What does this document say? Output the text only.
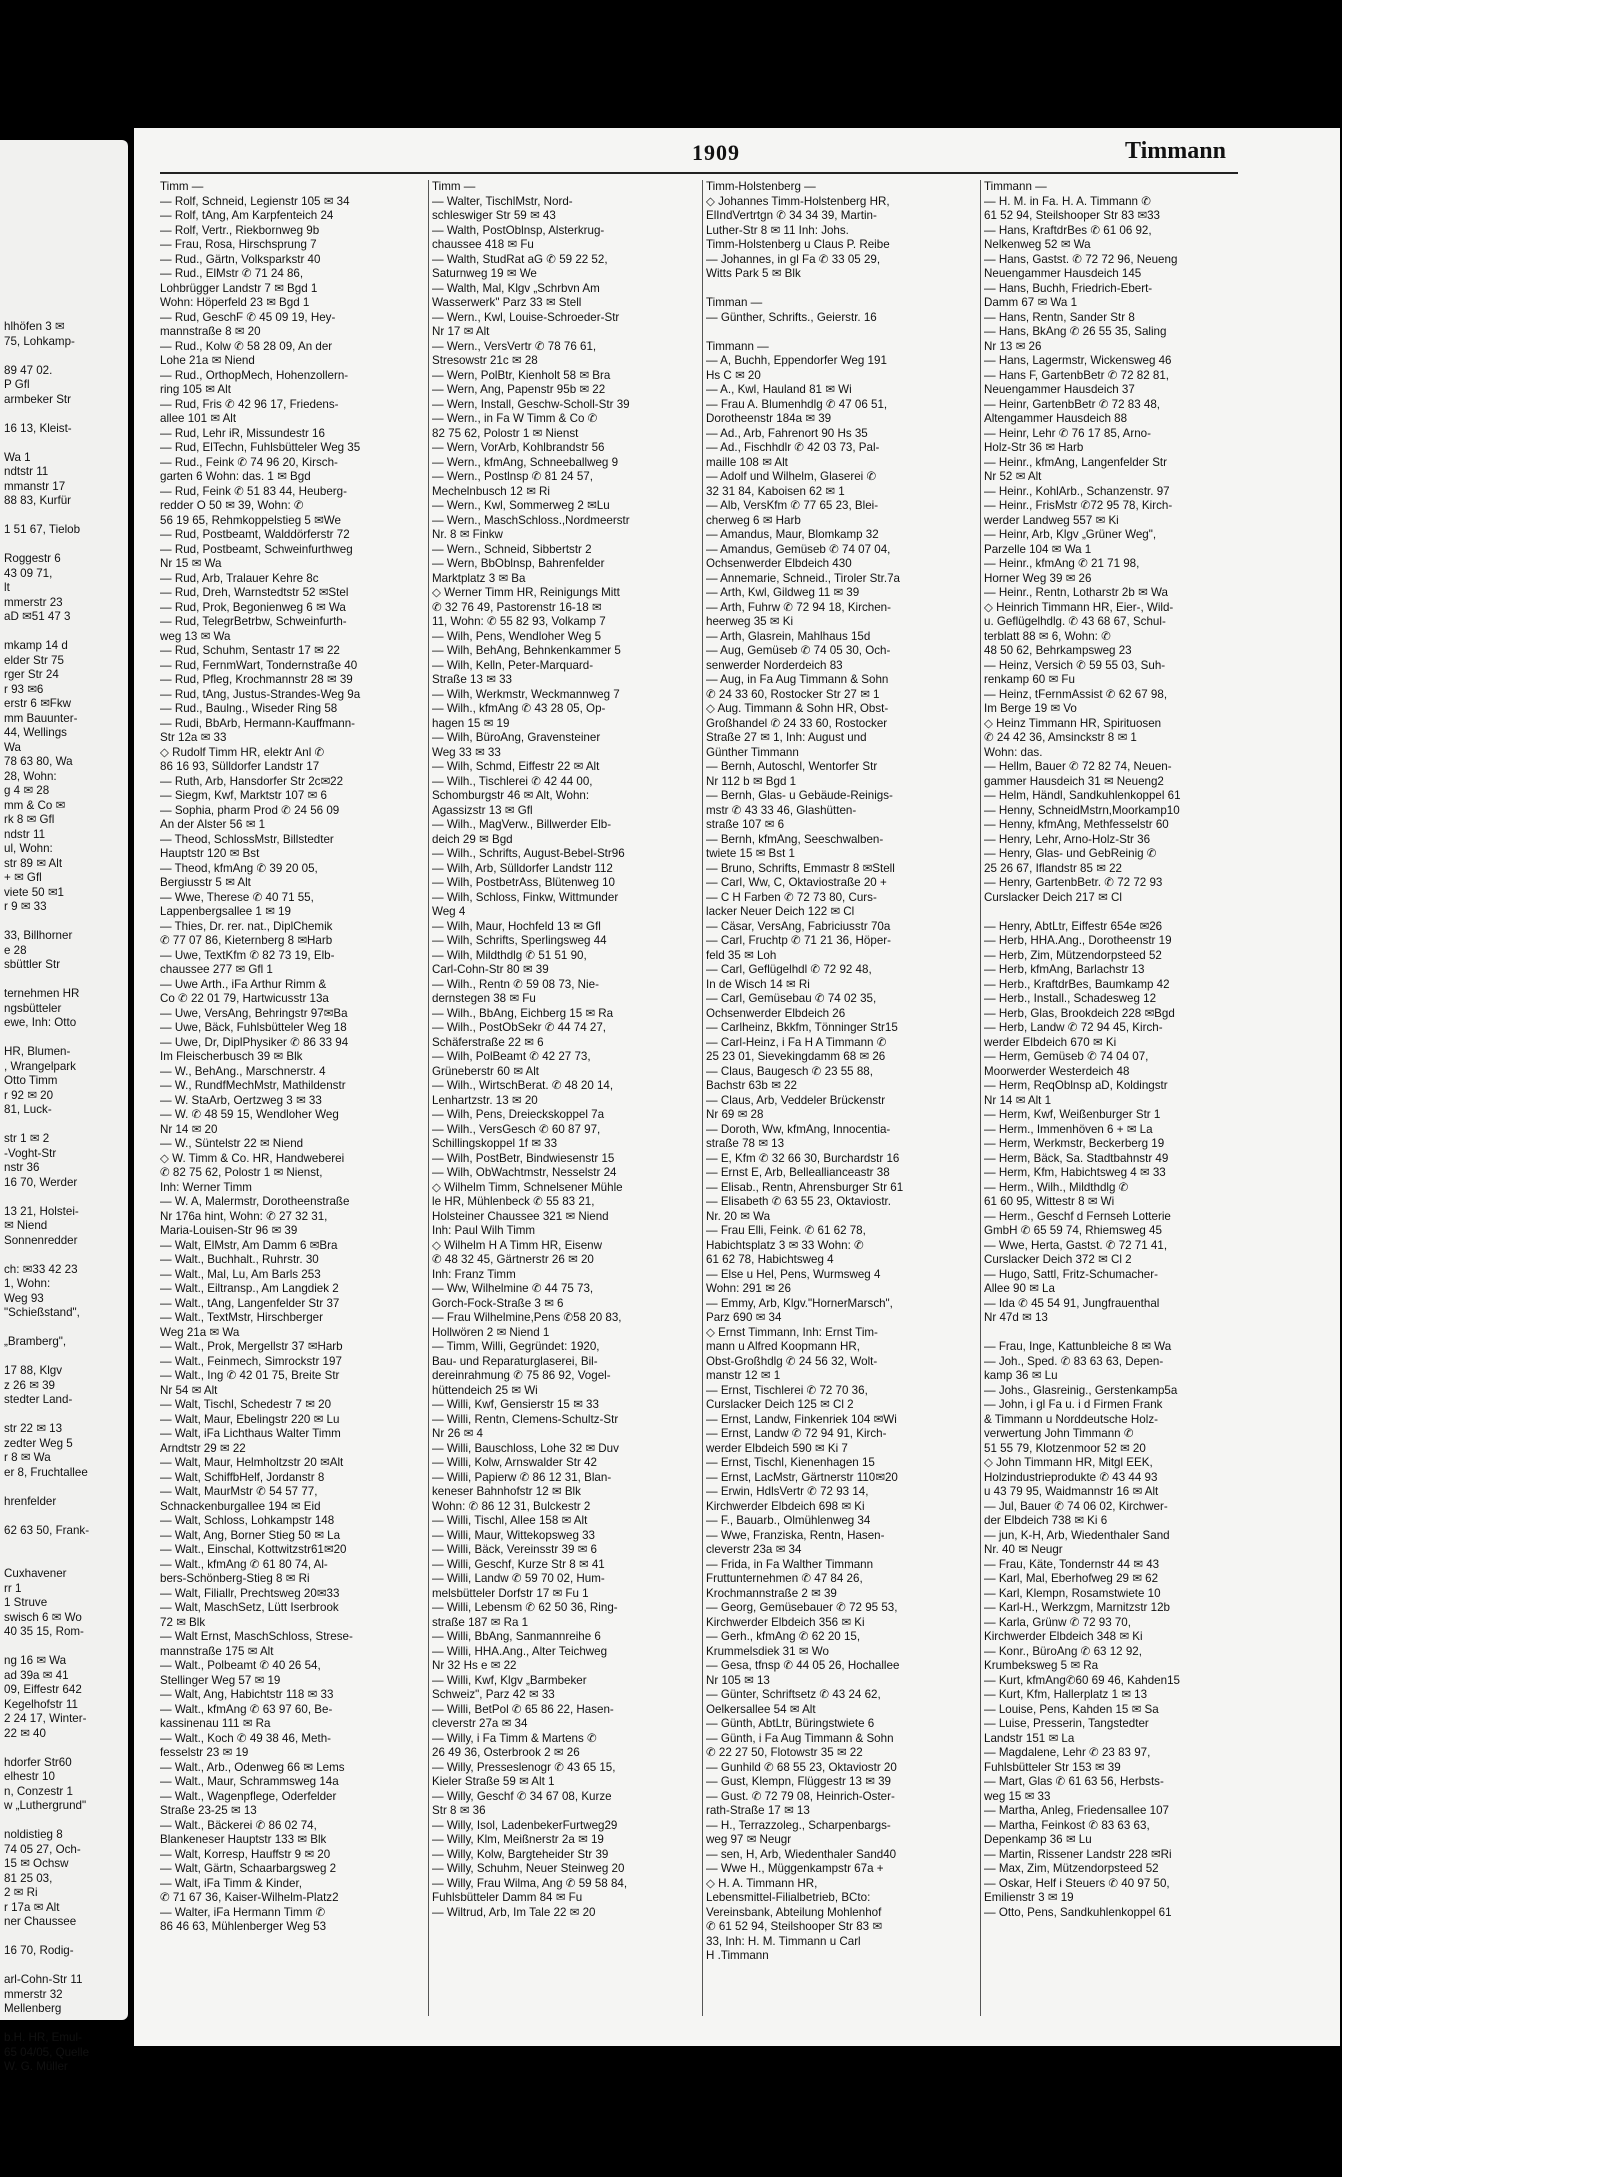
hlhöfen 3 ✉
75, Lohkamp-

89 47 02.
P Gfl
armbeker Str

16 13, Kleist-

Wa 1
ndtstr 11
mmanstr 17
88 83, Kurfür

1 51 67, Tielob

Roggestr 6
43 09 71,
lt
mmerstr 23
aD ✉51 47 3

mkamp 14 d
elder Str 75
rger Str 24
r 93 ✉6
erstr 6 ✉Fkw
mm Bauunter-
44, Wellings
Wa
78 63 80, Wa
28, Wohn:
g 4 ✉ 28
mm & Co ✉
rk 8 ✉ Gfl
ndstr 11
ul, Wohn:
str 89 ✉ Alt
+ ✉ Gfl
viete 50 ✉1
r 9 ✉ 33

33, Billhorner
e 28
sbüttler Str

ternehmen HR
ngsbütteler
ewe, Inh: Otto

HR, Blumen-
, Wrangelpark
Otto Timm
r 92 ✉ 20
81, Luck-

str 1 ✉ 2
-Voght-Str
nstr 36
16 70, Werder

13 21, Holstei-
✉ Niend
Sonnenredder

ch: ✉33 42 23
1, Wohn:
Weg 93
"Schießstand",

„Bramberg",

17 88, Klgv
z 26 ✉ 39
stedter Land-

str 22 ✉ 13
zedter Weg 5
r 8 ✉ Wa
er 8, Fruchtallee

hrenfelder

62 63 50, Frank-

Cuxhavener
rr 1
1 Struve
swisch 6 ✉ Wo
40 35 15, Rom-

ng 16 ✉ Wa
ad 39a ✉ 41
09, Eiffestr 642
Kegelhofstr 11
2 24 17, Winter-
22 ✉ 40

hdorfer Str60
elhestr 10
n, Conzestr 1
w „Luthergrund"

noldistieg 8
74 05 27, Och-
15 ✉ Ochsw
81 25 03,
2 ✉ Ri
r 17a ✉ Alt
ner Chaussee

16 70, Rodig-

arl-Cohn-Str 11
mmerstr 32
Mellenberg

b.H. HR, Emul-
65 04/05, Quelle
W. G. Müller
1909	Timmann
Timm —
— Rolf, Schneid, Legienstr 105 ✉ 34
— Rolf, tAng, Am Karpfenteich 24
— Rolf, Vertr., Riekbornweg 9b
— Frau, Rosa, Hirschsprung 7
— Rud., Gärtn, Volksparkstr 40
— Rud., ElMstr ✆ 71 24 86,
Lohbrügger Landstr 7 ✉ Bgd 1
Wohn: Höperfeld 23 ✉ Bgd 1
— Rud, GeschF ✆ 45 09 19, Hey-
mannstraße 8 ✉ 20
— Rud., Kolw ✆ 58 28 09, An der
Lohe 21a ✉ Niend
— Rud., OrthopMech, Hohenzollern-
ring 105 ✉ Alt
— Rud, Fris ✆ 42 96 17, Friedens-
allee 101 ✉ Alt
— Rud, Lehr iR, Missundestr 16
— Rud, ElTechn, Fuhlsbütteler Weg 35
— Rud., Feink ✆ 74 96 20, Kirsch-
garten 6 Wohn: das. 1 ✉ Bgd
— Rud, Feink ✆ 51 83 44, Heuberg-
redder O 50 ✉ 39, Wohn: ✆
56 19 65, Rehmkoppelstieg 5 ✉We
— Rud, Postbeamt, Walddörferstr 72
— Rud, Postbeamt, Schweinfurthweg
Nr 15 ✉ Wa
— Rud, Arb, Tralauer Kehre 8c
— Rud, Dreh, Warnstedtstr 52 ✉Stel
— Rud, Prok, Begonienweg 6 ✉ Wa
— Rud, TelegrBetrbw, Schweinfurth-
weg 13 ✉ Wa
— Rud, Schuhm, Sentastr 17 ✉ 22
— Rud, FernmWart, Tondernstraße 40
— Rud, Pfleg, Krochmannstr 28 ✉ 39
— Rud, tAng, Justus-Strandes-Weg 9a
— Rud., Baulng., Wiseder Ring 58
— Rudi, BbArb, Hermann-Kauffmann-
Str 12a ✉ 33
◇ Rudolf Timm HR, elektr Anl ✆
86 16 93, Sülldorfer Landstr 17
— Ruth, Arb, Hansdorfer Str 2c✉22
— Siegm, Kwf, Marktstr 107 ✉ 6
— Sophia, pharm Prod ✆ 24 56 09
An der Alster 56 ✉ 1
— Theod, SchlossMstr, Billstedter
Hauptstr 120 ✉ Bst
— Theod, kfmAng ✆ 39 20 05,
Bergiusstr 5 ✉ Alt
— Wwe, Therese ✆ 40 71 55,
Lappenbergsallee 1 ✉ 19
— Thies, Dr. rer. nat., DiplChemik
✆ 77 07 86, Kieternberg 8 ✉Harb
— Uwe, TextKfm ✆ 82 73 19, Elb-
chaussee 277 ✉ Gfl 1
— Uwe Arth., iFa Arthur Rimm &
Co ✆ 22 01 79, Hartwicusstr 13a
— Uwe, VersAng, Behringstr 97✉Ba
— Uwe, Bäck, Fuhlsbütteler Weg 18
— Uwe, Dr, DiplPhysiker ✆ 86 33 94
Im Fleischerbusch 39 ✉ Blk
— W., BehAng., Marschnerstr. 4
— W., RundfMechMstr, Mathildenstr
— W. StaArb, Oertzweg 3 ✉ 33
— W. ✆ 48 59 15, Wendloher Weg
Nr 14 ✉ 20
— W., Süntelstr 22 ✉ Niend
◇ W. Timm & Co. HR, Handweberei
✆ 82 75 62, Polostr 1 ✉ Nienst,
Inh: Werner Timm
— W. A, Malermstr, Dorotheenstraße
Nr 176a hint, Wohn: ✆ 27 32 31,
Maria-Louisen-Str 96 ✉ 39
— Walt, ElMstr, Am Damm 6 ✉Bra
— Walt., Buchhalt., Ruhrstr. 30
— Walt., Mal, Lu, Am Barls 253
— Walt., Eiltransp., Am Langdiek 2
— Walt., tAng, Langenfelder Str 37
— Walt., TextMstr, Hirschberger
Weg 21a ✉ Wa
— Walt., Prok, Mergellstr 37 ✉Harb
— Walt., Feinmech, Simrockstr 197
— Walt., Ing ✆ 42 01 75, Breite Str
Nr 54 ✉ Alt
— Walt, Tischl, Schedestr 7 ✉ 20
— Walt, Maur, Ebelingstr 220 ✉ Lu
— Walt, iFa Lichthaus Walter Timm
Arndtstr 29 ✉ 22
— Walt, Maur, Helmholtzstr 20 ✉Alt
— Walt, SchiffbHelf, Jordanstr 8
— Walt, MaurMstr ✆ 54 57 77,
Schnackenburgallee 194 ✉ Eid
— Walt, Schloss, Lohkampstr 148
— Walt, Ang, Borner Stieg 50 ✉ La
— Walt., Einschal, Kottwitzstr61✉20
— Walt., kfmAng ✆ 61 80 74, Al-
bers-Schönberg-Stieg 8 ✉ Ri
— Walt, Filiallr, Prechtsweg 20✉33
— Walt, MaschSetz, Lütt Iserbrook
72 ✉ Blk
— Walt Ernst, MaschSchloss, Strese-
mannstraße 175 ✉ Alt
— Walt., Polbeamt ✆ 40 26 54,
Stellinger Weg 57 ✉ 19
— Walt, Ang, Habichtstr 118 ✉ 33
— Walt., kfmAng ✆ 63 97 60, Be-
kassinenau 111 ✉ Ra
— Walt., Koch ✆ 49 38 46, Meth-
fesselstr 23 ✉ 19
— Walt., Arb., Odenweg 66 ✉ Lems
— Walt., Maur, Schrammsweg 14a
— Walt., Wagenpflege, Oderfelder
Straße 23-25 ✉ 13
— Walt., Bäckerei ✆ 86 02 74,
Blankeneser Hauptstr 133 ✉ Blk
— Walt, Korresp, Hauffstr 9 ✉ 20
— Walt, Gärtn, Schaarbargsweg 2
— Walt, iFa Timm & Kinder,
✆ 71 67 36, Kaiser-Wilhelm-Platz2
— Walter, iFa Hermann Timm ✆
86 46 63, Mühlenberger Weg 53
Timm —
— Walter, TischlMstr, Nord-
schleswiger Str 59 ✉ 43
— Walth, PostOblnsp, Alsterkrug-
chaussee 418 ✉ Fu
— Walth, StudRat aG ✆ 59 22 52,
Saturnweg 19 ✉ We
— Walth, Mal, Klgv „Schrbvn Am
Wasserwerk" Parz 33 ✉ Stell
— Wern., Kwl, Louise-Schroeder-Str
Nr 17 ✉ Alt
— Wern., VersVertr ✆ 78 76 61,
Stresowstr 21c ✉ 28
— Wern, PolBtr, Kienholt 58 ✉ Bra
— Wern, Ang, Papenstr 95b ✉ 22
— Wern, Install, Geschw-Scholl-Str 39
— Wern., in Fa W Timm & Co ✆
82 75 62, Polostr 1 ✉ Nienst
— Wern, VorArb, Kohlbrandstr 56
— Wern., kfmAng, Schneeballweg 9
— Wern., Postlnsp ✆ 81 24 57,
Mechelnbusch 12 ✉ Ri
— Wern., Kwl, Sommerweg 2 ✉Lu
— Wern., MaschSchloss.,Nordmeerstr
Nr. 8 ✉ Finkw
— Wern., Schneid, Sibbertstr 2
— Wern, BbOblnsp, Bahrenfelder
Marktplatz 3 ✉ Ba
◇ Werner Timm HR, Reinigungs Mitt
✆ 32 76 49, Pastorenstr 16-18 ✉
11, Wohn: ✆ 55 82 93, Volkamp 7
— Wilh, Pens, Wendloher Weg 5
— Wilh, BehAng, Behnkenkammer 5
— Wilh, Kelln, Peter-Marquard-
Straße 13 ✉ 33
— Wilh, Werkmstr, Weckmannweg 7
— Wilh., kfmAng ✆ 43 28 05, Op-
hagen 15 ✉ 19
— Wilh, BüroAng, Gravensteiner
Weg 33 ✉ 33
— Wilh, Schmd, Eiffestr 22 ✉ Alt
— Wilh., Tischlerei ✆ 42 44 00,
Schomburgstr 46 ✉ Alt, Wohn:
Agassizstr 13 ✉ Gfl
— Wilh., MagVerw., Billwerder Elb-
deich 29 ✉ Bgd
— Wilh., Schrifts, August-Bebel-Str96
— Wilh, Arb, Sülldorfer Landstr 112
— Wilh, PostbetrAss, Blütenweg 10
— Wilh, Schloss, Finkw, Wittmunder
Weg 4
— Wilh, Maur, Hochfeld 13 ✉ Gfl
— Wilh, Schrifts, Sperlingsweg 44
— Wilh, Mildthdlg ✆ 51 51 90,
Carl-Cohn-Str 80 ✉ 39
— Wilh., Rentn ✆ 59 08 73, Nie-
dernstegen 38 ✉ Fu
— Wilh., BbAng, Eichberg 15 ✉ Ra
— Wilh., PostObSekr ✆ 44 74 27,
Schäferstraße 22 ✉ 6
— Wilh, PolBeamt ✆ 42 27 73,
Grüneberstr 60 ✉ Alt
— Wilh., WirtschBerat. ✆ 48 20 14,
Lenhartzstr. 13 ✉ 20
— Wilh, Pens, Dreieckskoppel 7a
— Wilh., VersGesch ✆ 60 87 97,
Schillingskoppel 1f ✉ 33
— Wilh, PostBetr, Bindwiesenstr 15
— Wilh, ObWachtmstr, Nesselstr 24
◇ Wilhelm Timm, Schnelsener Mühle
le HR, Mühlenbeck ✆ 55 83 21,
Holsteiner Chaussee 321 ✉ Niend
Inh: Paul Wilh Timm
◇ Wilhelm H A Timm HR, Eisenw
✆ 48 32 45, Gärtnerstr 26 ✉ 20
Inh: Franz Timm
— Ww, Wilhelmine ✆ 44 75 73,
Gorch-Fock-Straße 3 ✉ 6
— Frau Wilhelmine,Pens ✆58 20 83,
Hollwören 2 ✉ Niend 1
— Timm, Willi, Gegründet: 1920,
Bau- und Reparaturglaserei, Bil-
dereinrahmung ✆ 75 86 92, Vogel-
hüttendeich 25 ✉ Wi
— Willi, Kwf, Gensierstr 15 ✉ 33
— Willi, Rentn, Clemens-Schultz-Str
Nr 26 ✉ 4
— Willi, Bauschloss, Lohe 32 ✉ Duv
— Willi, Kolw, Arnswalder Str 42
— Willi, Papierw ✆ 86 12 31, Blan-
keneser Bahnhofstr 12 ✉ Blk
Wohn: ✆ 86 12 31, Bulckestr 2
— Willi, Tischl, Allee 158 ✉ Alt
— Willi, Maur, Wittekopsweg 33
— Willi, Bäck, Vereinsstr 39 ✉ 6
— Willi, Geschf, Kurze Str 8 ✉ 41
— Willi, Landw ✆ 59 70 02, Hum-
melsbütteler Dorfstr 17 ✉ Fu 1
— Willi, Lebensm ✆ 62 50 36, Ring-
straße 187 ✉ Ra 1
— Willi, BbAng, Sanmannreihe 6
— Willi, HHA.Ang., Alter Teichweg
Nr 32 Hs e ✉ 22
— Willi, Kwf, Klgv „Barmbeker
Schweiz", Parz 42 ✉ 33
— Willi, BetPol ✆ 65 86 22, Hasen-
cleverstr 27a ✉ 34
— Willy, i Fa Timm & Martens ✆
26 49 36, Osterbrook 2 ✉ 26
— Willy, Presseslenogr ✆ 43 65 15,
Kieler Straße 59 ✉ Alt 1
— Willy, Geschf ✆ 34 67 08, Kurze
Str 8 ✉ 36
— Willy, Isol, LadenbekerFurtweg29
— Willy, Klm, Meißnerstr 2a ✉ 19
— Willy, Kolw, Bargteheider Str 39
— Willy, Schuhm, Neuer Steinweg 20
— Willy, Frau Wilma, Ang ✆ 59 58 84,
Fuhlsbütteler Damm 84 ✉ Fu
— Wiltrud, Arb, Im Tale 22 ✉ 20
Timm-Holstenberg —
◇ Johannes Timm-Holstenberg HR,
ElIndVertrtgn ✆ 34 34 39, Martin-
Luther-Str 8 ✉ 11 Inh: Johs.
Timm-Holstenberg u Claus P. Reibe
— Johannes, in gl Fa ✆ 33 05 29,
Witts Park 5 ✉ Blk

Timman —
— Günther, Schrifts., Geierstr. 16

Timmann —
— A, Buchh, Eppendorfer Weg 191
Hs C ✉ 20
— A., Kwl, Hauland 81 ✉ Wi
— Frau A. Blumenhdlg ✆ 47 06 51,
Dorotheenstr 184a ✉ 39
— Ad., Arb, Fahrenort 90 Hs 35
— Ad., Fischhdlr ✆ 42 03 73, Pal-
maille 108 ✉ Alt
— Adolf und Wilhelm, Glaserei ✆
32 31 84, Kaboisen 62 ✉ 1
— Alb, VersKfm ✆ 77 65 23, Blei-
cherweg 6 ✉ Harb
— Amandus, Maur, Blomkamp 32
— Amandus, Gemüseb ✆ 74 07 04,
Ochsenwerder Elbdeich 430
— Annemarie, Schneid., Tiroler Str.7a
— Arth, Kwl, Gildweg 11 ✉ 39
— Arth, Fuhrw ✆ 72 94 18, Kirchen-
heerweg 35 ✉ Ki
— Arth, Glasrein, Mahlhaus 15d
— Aug, Gemüseb ✆ 74 05 30, Och-
senwerder Norderdeich 83
— Aug, in Fa Aug Timmann & Sohn
✆ 24 33 60, Rostocker Str 27 ✉ 1
◇ Aug. Timmann & Sohn HR, Obst-
Großhandel ✆ 24 33 60, Rostocker
Straße 27 ✉ 1, Inh: August und
Günther Timmann
— Bernh, Autoschl, Wentorfer Str
Nr 112 b ✉ Bgd 1
— Bernh, Glas- u Gebäude-Reinigs-
mstr ✆ 43 33 46, Glashütten-
straße 107 ✉ 6
— Bernh, kfmAng, Seeschwalben-
twiete 15 ✉ Bst 1
— Bruno, Schrifts, Emmastr 8 ✉Stell
— Carl, Ww, C, Oktaviostraße 20 +
— C H Farben ✆ 72 73 80, Curs-
lacker Neuer Deich 122 ✉ Cl
— Cäsar, VersAng, Fabriciusstr 70a
— Carl, Fruchtp ✆ 71 21 36, Höper-
feld 35 ✉ Loh
— Carl, Geflügelhdl ✆ 72 92 48,
In de Wisch 14 ✉ Ri
— Carl, Gemüsebau ✆ 74 02 35,
Ochsenwerder Elbdeich 26
— Carlheinz, Bkkfm, Tönninger Str15
— Carl-Heinz, i Fa H A Timmann ✆
25 23 01, Sievekingdamm 68 ✉ 26
— Claus, Baugesch ✆ 23 55 88,
Bachstr 63b ✉ 22
— Claus, Arb, Veddeler Brückenstr
Nr 69 ✉ 28
— Doroth, Ww, kfmAng, Innocentia-
straße 78 ✉ 13
— E, Kfm ✆ 32 66 30, Burchardstr 16
— Ernst E, Arb, Belleallianceastr 38
— Elisab., Rentn, Ahrensburger Str 61
— Elisabeth ✆ 63 55 23, Oktaviostr.
Nr. 20 ✉ Wa
— Frau Elli, Feink. ✆ 61 62 78,
Habichtsplatz 3 ✉ 33 Wohn: ✆
61 62 78, Habichtsweg 4
— Else u Hel, Pens, Wurmsweg 4
Wohn: 291 ✉ 26
— Emmy, Arb, Klgv."HornerMarsch",
Parz 690 ✉ 34
◇ Ernst Timmann, Inh: Ernst Tim-
mann u Alfred Koopmann HR,
Obst-Großhdlg ✆ 24 56 32, Wolt-
manstr 12 ✉ 1
— Ernst, Tischlerei ✆ 72 70 36,
Curslacker Deich 125 ✉ Cl 2
— Ernst, Landw, Finkenriek 104 ✉Wi
— Ernst, Landw ✆ 72 94 91, Kirch-
werder Elbdeich 590 ✉ Ki 7
— Ernst, Tischl, Kienenhagen 15
— Ernst, LacMstr, Gärtnerstr 110✉20
— Erwin, HdlsVertr ✆ 72 93 14,
Kirchwerder Elbdeich 698 ✉ Ki
— F., Bauarb., Olmühlenweg 34
— Wwe, Franziska, Rentn, Hasen-
cleverstr 23a ✉ 34
— Frida, in Fa Walther Timmann
Fruttunternehmen ✆ 47 84 26,
Krochmannstraße 2 ✉ 39
— Georg, Gemüsebauer ✆ 72 95 53,
Kirchwerder Elbdeich 356 ✉ Ki
— Gerh., kfmAng ✆ 62 20 15,
Krummelsdiek 31 ✉ Wo
— Gesa, tfnsp ✆ 44 05 26, Hochallee
Nr 105 ✉ 13
— Günter, Schriftsetz ✆ 43 24 62,
Oelkersallee 54 ✉ Alt
— Günth, AbtLtr, Büringstwiete 6
— Günth, i Fa Aug Timmann & Sohn
✆ 22 27 50, Flotowstr 35 ✉ 22
— Gunhild ✆ 68 55 23, Oktaviostr 20
— Gust, Klempn, Flüggestr 13 ✉ 39
— Gust. ✆ 72 79 08, Heinrich-Oster-
rath-Straße 17 ✉ 13
— H., Terrazzoleg., Scharpenbargs-
weg 97 ✉ Neugr
— sen, H, Arb, Wiedenthaler Sand40
— Wwe H., Müggenkampstr 67a +
◇ H. A. Timmann HR,
Lebensmittel-Filialbetrieb, BCto:
Vereinsbank, Abteilung Mohlenhof
✆ 61 52 94, Steilshooper Str 83 ✉
33, Inh: H. M. Timmann u Carl
H .Timmann
Timmann —
— H. M. in Fa. H. A. Timmann ✆
61 52 94, Steilshooper Str 83 ✉33
— Hans, KraftdrBes ✆ 61 06 92,
Nelkenweg 52 ✉ Wa
— Hans, Gastst. ✆ 72 72 96, Neueng
Neuengammer Hausdeich 145
— Hans, Buchh, Friedrich-Ebert-
Damm 67 ✉ Wa 1
— Hans, Rentn, Sander Str 8
— Hans, BkAng ✆ 26 55 35, Saling
Nr 13 ✉ 26
— Hans, Lagermstr, Wickensweg 46
— Hans F, GartenbBetr ✆ 72 82 81,
Neuengammer Hausdeich 37
— Heinr, GartenbBetr ✆ 72 83 48,
Altengammer Hausdeich 88
— Heinr, Lehr ✆ 76 17 85, Arno-
Holz-Str 36 ✉ Harb
— Heinr., kfmAng, Langenfelder Str
Nr 52 ✉ Alt
— Heinr., KohlArb., Schanzenstr. 97
— Heinr., FrisMstr ✆72 95 78, Kirch-
werder Landweg 557 ✉ Ki
— Heinr, Arb, Klgv „Grüner Weg",
Parzelle 104 ✉ Wa 1
— Heinr., kfmAng ✆ 21 71 98,
Horner Weg 39 ✉ 26
— Heinr., Rentn, Lotharstr 2b ✉ Wa
◇ Heinrich Timmann HR, Eier-, Wild-
u. Geflügelhdlg. ✆ 43 68 67, Schul-
terblatt 88 ✉ 6, Wohn: ✆
48 50 62, Behrkampsweg 23
— Heinz, Versich ✆ 59 55 03, Suh-
renkamp 60 ✉ Fu
— Heinz, tFernmAssist ✆ 62 67 98,
Im Berge 19 ✉ Vo
◇ Heinz Timmann HR, Spirituosen
✆ 24 42 36, Amsinckstr 8 ✉ 1
Wohn: das.
— Hellm, Bauer ✆ 72 82 74, Neuen-
gammer Hausdeich 31 ✉ Neueng2
— Helm, Händl, Sandkuhlenkoppel 61
— Henny, SchneidMstrn,Moorkamp10
— Henny, kfmAng, Methfesselstr 60
— Henry, Lehr, Arno-Holz-Str 36
— Henry, Glas- und GebReinig ✆
25 26 67, Iflandstr 85 ✉ 22
— Henry, GartenbBetr. ✆ 72 72 93
Curslacker Deich 217 ✉ Cl

— Henry, AbtLtr, Eiffestr 654e ✉26
— Herb, HHA.Ang., Dorotheenstr 19
— Herb, Zim, Mützendorpsteed 52
— Herb, kfmAng, Barlachstr 13
— Herb., KraftdrBes, Baumkamp 42
— Herb., Install., Schadesweg 12
— Herb, Glas, Brookdeich 228 ✉Bgd
— Herb, Landw ✆ 72 94 45, Kirch-
werder Elbdeich 670 ✉ Ki
— Herm, Gemüseb ✆ 74 04 07,
Moorwerder Westerdeich 48
— Herm, ReqOblnsp aD, Koldingstr
Nr 14 ✉ Alt 1
— Herm, Kwf, Weißenburger Str 1
— Herm., Immenhöven 6 + ✉ La
— Herm, Werkmstr, Beckerberg 19
— Herm, Bäck, Sa. Stadtbahnstr 49
— Herm, Kfm, Habichtsweg 4 ✉ 33
— Herm., Wilh., Mildthdlg ✆
61 60 95, Wittestr 8 ✉ Wi
— Herm., Geschf d Fernseh Lotterie
GmbH ✆ 65 59 74, Rhiemsweg 45
— Wwe, Herta, Gastst. ✆ 72 71 41,
Curslacker Deich 372 ✉ Cl 2
— Hugo, Sattl, Fritz-Schumacher-
Allee 90 ✉ La
— Ida ✆ 45 54 91, Jungfrauenthal
Nr 47d ✉ 13

— Frau, Inge, Kattunbleiche 8 ✉ Wa
— Joh., Sped. ✆ 83 63 63, Depen-
kamp 36 ✉ Lu
— Johs., Glasreinig., Gerstenkamp5a
— John, i gl Fa u. i d Firmen Frank
& Timmann u Norddeutsche Holz-
verwertung John Timmann ✆
51 55 79, Klotzenmoor 52 ✉ 20
◇ John Timmann HR, Mitgl EEK,
Holzindustrieprodukte ✆ 43 44 93
u 43 79 95, Waidmannstr 16 ✉ Alt
— Jul, Bauer ✆ 74 06 02, Kirchwer-
der Elbdeich 738 ✉ Ki 6
— jun, K-H, Arb, Wiedenthaler Sand
Nr. 40 ✉ Neugr
— Frau, Käte, Tondernstr 44 ✉ 43
— Karl, Mal, Eberhofweg 29 ✉ 62
— Karl, Klempn, Rosamstwiete 10
— Karl-H., Werkzgm, Marnitzstr 12b
— Karla, Grünw ✆ 72 93 70,
Kirchwerder Elbdeich 348 ✉ Ki
— Konr., BüroAng ✆ 63 12 92,
Krumbeksweg 5 ✉ Ra
— Kurt, kfmAng✆60 69 46, Kahden15
— Kurt, Kfm, Hallerplatz 1 ✉ 13
— Louise, Pens, Kahden 15 ✉ Sa
— Luise, Presserin, Tangstedter
Landstr 151 ✉ La
— Magdalene, Lehr ✆ 23 83 97,
Fuhlsbütteler Str 153 ✉ 39
— Mart, Glas ✆ 61 63 56, Herbsts-
weg 15 ✉ 33
— Martha, Anleg, Friedensallee 107
— Martha, Feinkost ✆ 83 63 63,
Depenkamp 36 ✉ Lu
— Martin, Rissener Landstr 228 ✉Ri
— Max, Zim, Mützendorpsteed 52
— Oskar, Helf i Steuers ✆ 40 97 50,
Emilienstr 3 ✉ 19
— Otto, Pens, Sandkuhlenkoppel 61
